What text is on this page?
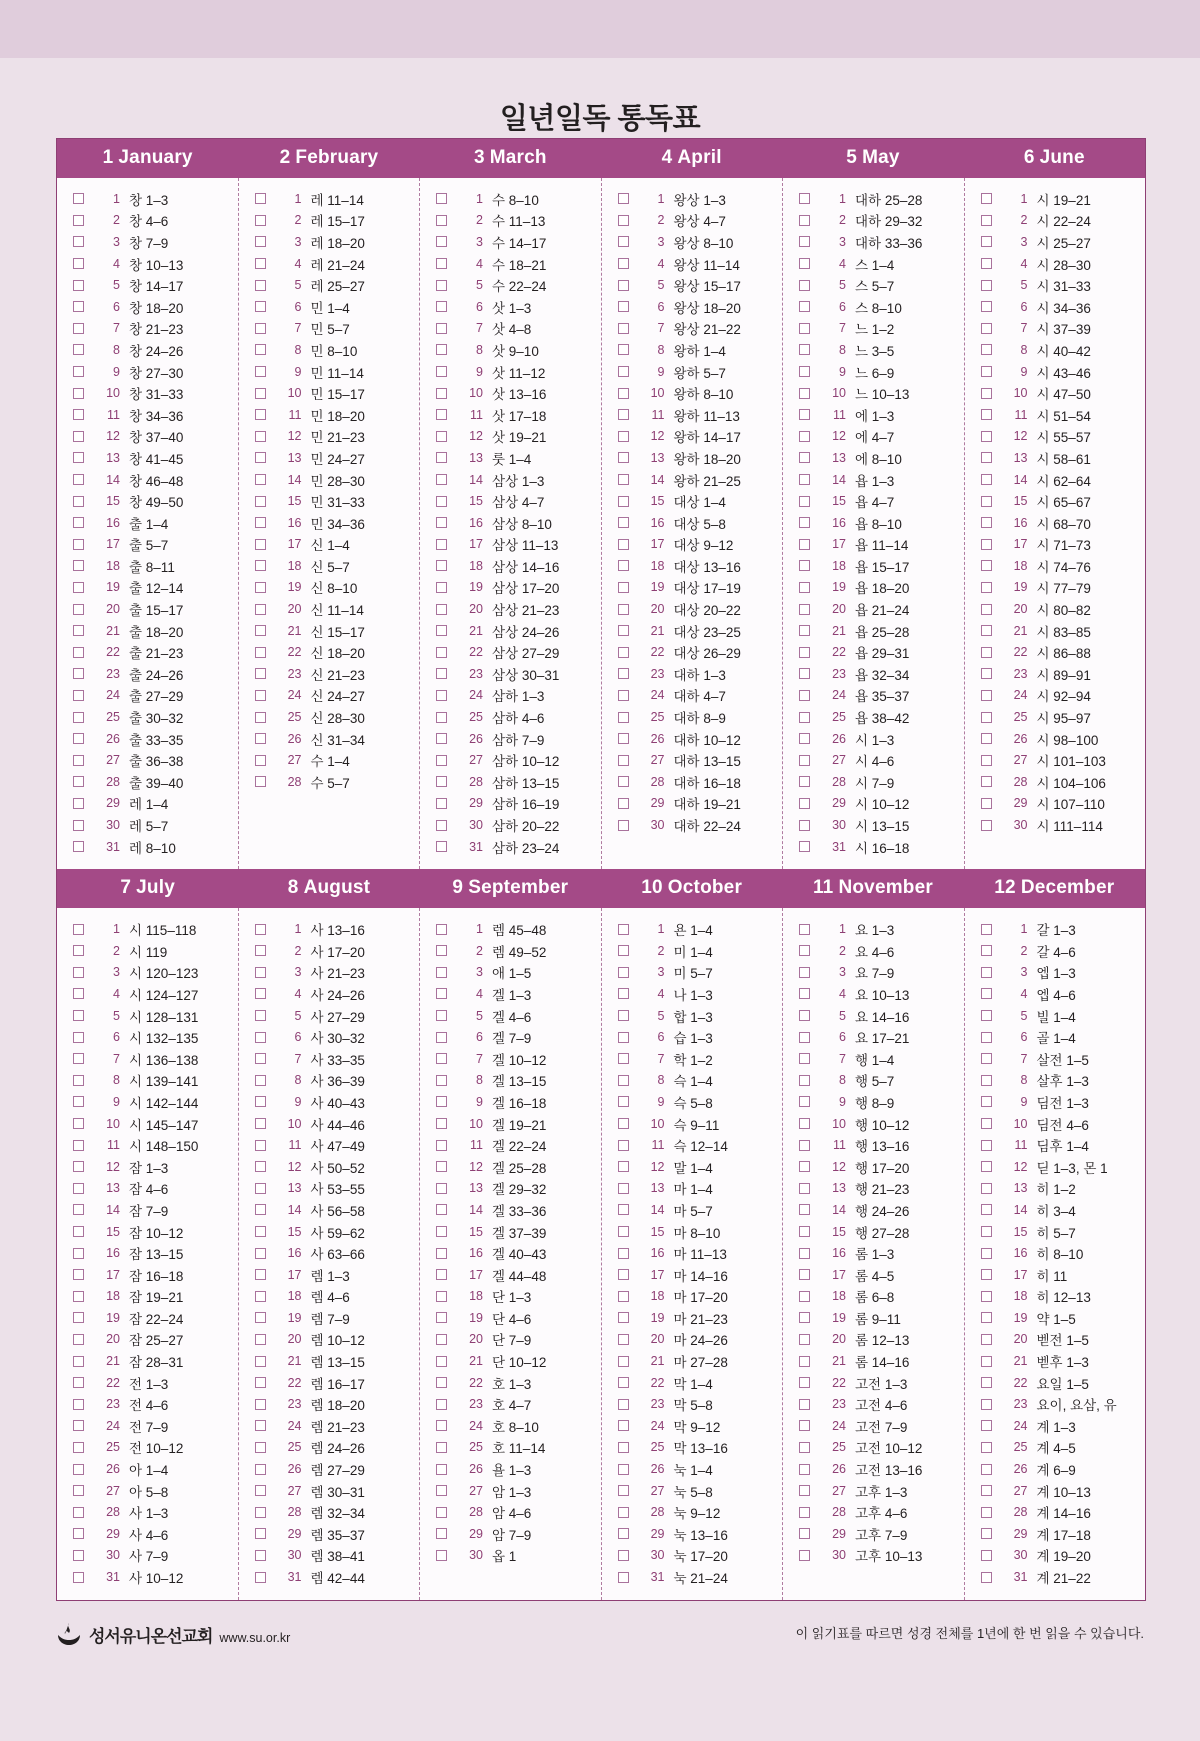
일년일독 통독표
1 January	2 February	3 March	4 April	5 May	6 June
1 창 1–3
2 창 4–6
3 창 7–9
4 창 10–13
5 창 14–17
6 창 18–20
7 창 21–23
8 창 24–26
9 창 27–30
10 창 31–33
11 창 34–36
12 창 37–40
13 창 41–45
14 창 46–48
15 창 49–50
16 출 1–4
17 출 5–7
18 출 8–11
19 출 12–14
20 출 15–17
21 출 18–20
22 출 21–23
23 출 24–26
24 출 27–29
25 출 30–32
26 출 33–35
27 출 36–38
28 출 39–40
29 레 1–4
30 레 5–7
31 레 8–10
1 레 11–14
2 레 15–17
3 레 18–20
4 레 21–24
5 레 25–27
6 민 1–4
7 민 5–7
8 민 8–10
9 민 11–14
10 민 15–17
11 민 18–20
12 민 21–23
13 민 24–27
14 민 28–30
15 민 31–33
16 민 34–36
17 신 1–4
18 신 5–7
19 신 8–10
20 신 11–14
21 신 15–17
22 신 18–20
23 신 21–23
24 신 24–27
25 신 28–30
26 신 31–34
27 수 1–4
28 수 5–7
1 수 8–10
2 수 11–13
3 수 14–17
4 수 18–21
5 수 22–24
6 삿 1–3
7 삿 4–8
8 삿 9–10
9 삿 11–12
10 삿 13–16
11 삿 17–18
12 삿 19–21
13 룻 1–4
14 삼상 1–3
15 삼상 4–7
16 삼상 8–10
17 삼상 11–13
18 삼상 14–16
19 삼상 17–20
20 삼상 21–23
21 삼상 24–26
22 삼상 27–29
23 삼상 30–31
24 삼하 1–3
25 삼하 4–6
26 삼하 7–9
27 삼하 10–12
28 삼하 13–15
29 삼하 16–19
30 삼하 20–22
31 삼하 23–24
1 왕상 1–3
2 왕상 4–7
3 왕상 8–10
4 왕상 11–14
5 왕상 15–17
6 왕상 18–20
7 왕상 21–22
8 왕하 1–4
9 왕하 5–7
10 왕하 8–10
11 왕하 11–13
12 왕하 14–17
13 왕하 18–20
14 왕하 21–25
15 대상 1–4
16 대상 5–8
17 대상 9–12
18 대상 13–16
19 대상 17–19
20 대상 20–22
21 대상 23–25
22 대상 26–29
23 대하 1–3
24 대하 4–7
25 대하 8–9
26 대하 10–12
27 대하 13–15
28 대하 16–18
29 대하 19–21
30 대하 22–24
1 대하 25–28
2 대하 29–32
3 대하 33–36
4 스 1–4
5 스 5–7
6 스 8–10
7 느 1–2
8 느 3–5
9 느 6–9
10 느 10–13
11 에 1–3
12 에 4–7
13 에 8–10
14 욥 1–3
15 욥 4–7
16 욥 8–10
17 욥 11–14
18 욥 15–17
19 욥 18–20
20 욥 21–24
21 욥 25–28
22 욥 29–31
23 욥 32–34
24 욥 35–37
25 욥 38–42
26 시 1–3
27 시 4–6
28 시 7–9
29 시 10–12
30 시 13–15
31 시 16–18
1 시 19–21
2 시 22–24
3 시 25–27
4 시 28–30
5 시 31–33
6 시 34–36
7 시 37–39
8 시 40–42
9 시 43–46
10 시 47–50
11 시 51–54
12 시 55–57
13 시 58–61
14 시 62–64
15 시 65–67
16 시 68–70
17 시 71–73
18 시 74–76
19 시 77–79
20 시 80–82
21 시 83–85
22 시 86–88
23 시 89–91
24 시 92–94
25 시 95–97
26 시 98–100
27 시 101–103
28 시 104–106
29 시 107–110
30 시 111–114
7 July	8 August	9 September	10 October	11 November	12 December
1 시 115–118
2 시 119
3 시 120–123
4 시 124–127
5 시 128–131
6 시 132–135
7 시 136–138
8 시 139–141
9 시 142–144
10 시 145–147
11 시 148–150
12 잠 1–3
13 잠 4–6
14 잠 7–9
15 잠 10–12
16 잠 13–15
17 잠 16–18
18 잠 19–21
19 잠 22–24
20 잠 25–27
21 잠 28–31
22 전 1–3
23 전 4–6
24 전 7–9
25 전 10–12
26 아 1–4
27 아 5–8
28 사 1–3
29 사 4–6
30 사 7–9
31 사 10–12
1 사 13–16
2 사 17–20
3 사 21–23
4 사 24–26
5 사 27–29
6 사 30–32
7 사 33–35
8 사 36–39
9 사 40–43
10 사 44–46
11 사 47–49
12 사 50–52
13 사 53–55
14 사 56–58
15 사 59–62
16 사 63–66
17 렘 1–3
18 렘 4–6
19 렘 7–9
20 렘 10–12
21 렘 13–15
22 렘 16–17
23 렘 18–20
24 렘 21–23
25 렘 24–26
26 렘 27–29
27 렘 30–31
28 렘 32–34
29 렘 35–37
30 렘 38–41
31 렘 42–44
1 렘 45–48
2 렘 49–52
3 애 1–5
4 겔 1–3
5 겔 4–6
6 겔 7–9
7 겔 10–12
8 겔 13–15
9 겔 16–18
10 겔 19–21
11 겔 22–24
12 겔 25–28
13 겔 29–32
14 겔 33–36
15 겔 37–39
16 겔 40–43
17 겔 44–48
18 단 1–3
19 단 4–6
20 단 7–9
21 단 10–12
22 호 1–3
23 호 4–7
24 호 8–10
25 호 11–14
26 욜 1–3
27 암 1–3
28 암 4–6
29 암 7–9
30 옵 1
1 욘 1–4
2 미 1–4
3 미 5–7
4 나 1–3
5 합 1–3
6 습 1–3
7 학 1–2
8 슥 1–4
9 슥 5–8
10 슥 9–11
11 슥 12–14
12 말 1–4
13 마 1–4
14 마 5–7
15 마 8–10
16 마 11–13
17 마 14–16
18 마 17–20
19 마 21–23
20 마 24–26
21 마 27–28
22 막 1–4
23 막 5–8
24 막 9–12
25 막 13–16
26 눅 1–4
27 눅 5–8
28 눅 9–12
29 눅 13–16
30 눅 17–20
31 눅 21–24
1 요 1–3
2 요 4–6
3 요 7–9
4 요 10–13
5 요 14–16
6 요 17–21
7 행 1–4
8 행 5–7
9 행 8–9
10 행 10–12
11 행 13–16
12 행 17–20
13 행 21–23
14 행 24–26
15 행 27–28
16 롬 1–3
17 롬 4–5
18 롬 6–8
19 롬 9–11
20 롬 12–13
21 롬 14–16
22 고전 1–3
23 고전 4–6
24 고전 7–9
25 고전 10–12
26 고전 13–16
27 고후 1–3
28 고후 4–6
29 고후 7–9
30 고후 10–13
1 갈 1–3
2 갈 4–6
3 엡 1–3
4 엡 4–6
5 빌 1–4
6 골 1–4
7 살전 1–5
8 살후 1–3
9 딤전 1–3
10 딤전 4–6
11 딤후 1–4
12 딛 1–3, 몬 1
13 히 1–2
14 히 3–4
15 히 5–7
16 히 8–10
17 히 11
18 히 12–13
19 약 1–5
20 벧전 1–5
21 벧후 1–3
22 요일 1–5
23 요이, 요삼, 유
24 계 1–3
25 계 4–5
26 계 6–9
27 계 10–13
28 계 14–16
29 계 17–18
30 계 19–20
31 계 21–22
성서유니온선교회 www.su.or.kr	이 읽기표를 따르면 성경 전체를 1년에 한 번 읽을 수 있습니다.
